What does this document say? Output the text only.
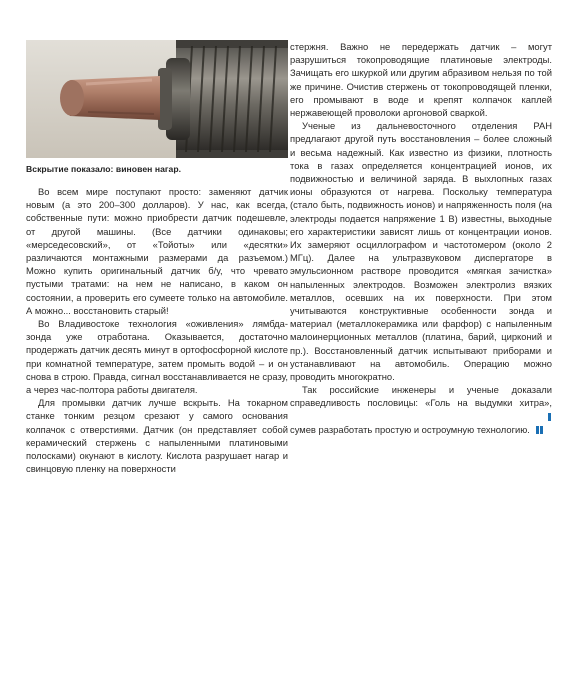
Вскрытие показало: виновен нагар.

Во всем мире поступают просто: заменяют датчик новым (а это 200–300 долларов). У нас, как всегда, собственные пути: можно приобрести датчик подешевле, от другой машины. (Все датчики одинаковы; «мерседесовский», от «Тойоты» или «десятки» различаются монтажными размерами да разъемом.) Можно купить оригинальный датчик б/у, что чревато пустыми тратами: на нем не написано, в каком он состоянии, а проверить его сумеете только на автомобиле. А можно... восстановить старый!

Во Владивостоке технология «оживления» лямбда-зонда уже отработана. Оказывается, достаточно продержать датчик десять минут в ортофосфорной кислоте при комнатной температуре, затем промыть водой – и он снова в строю. Правда, сигнал восстанавливается не сразу, а через час-полтора работы двигателя.

Для промывки датчик лучше вскрыть. На токарном станке тонким резцом срезают у самого основания колпачок с отверстиями. Датчик (он представляет собой керамический стержень с напыленными платиновыми полосками) окунают в кислоту. Кислота разрушает нагар и свинцовую пленку на поверхности

стержня. Важно не передержать датчик – могут разрушиться токопроводящие платиновые электроды. Зачищать его шкуркой или другим абразивом нельзя по той же причине. Очистив стержень от токопроводящей пленки, его промывают в воде и крепят колпачок каплей нержавеющей проволоки аргоновой сваркой.

Ученые из дальневосточного отделения РАН предлагают другой путь восстановления – более сложный и весьма надежный. Как известно из физики, плотность тока в газах определяется концентрацией ионов, их подвижностью и величиной заряда. В выхлопных газах ионы образуются от нагрева. Поскольку температура (стало быть, подвижность ионов) и напряженность поля (на электроды подается напряжение 1 В) известны, выходные его характеристики зависят лишь от концентрации ионов. Их замеряют осциллографом и частотомером (около 2 МГц). Далее на ультразвуковом диспергаторе в эмульсионном растворе проводится «мягкая зачистка» напыленных электродов. Возможен электролиз вязких металлов, осевших на их поверхности. При этом учитываются конструктивные особенности зонда и материал (металлокерамика или фарфор) с напыленным малоинерционных металлов (платина, барий, цирконий и пр.). Восстановленный датчик испытывают приборами и устанавливают на автомобиль. Операцию можно проводить многократно.

Так российские инженеры и ученые доказали справедливость пословицы: «Голь на выдумки хитра», сумев разработать простую и остроумную технологию.
